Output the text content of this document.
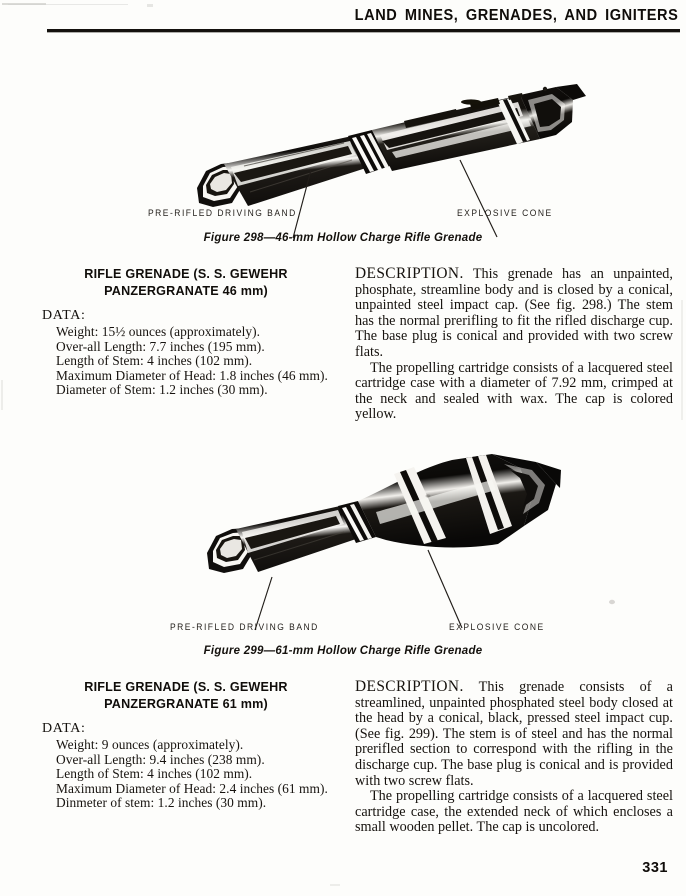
LAND MINES, GRENADES, AND IGNITERS
PRE-RIFLED DRIVING BAND	EXPLOSIVE CONE
Figure 298—46-mm Hollow Charge Rifle Grenade
RIFLE GRENADE (S. S. GEWEHR
PANZERGRANATE 46 mm)
DATA:
Weight: 15½ ounces (approximately).
Over-all Length: 7.7 inches (195 mm).
Length of Stem: 4 inches (102 mm).
Maximum Diameter of Head: 1.8 inches (46 mm).
Diameter of Stem: 1.2 inches (30 mm).

DESCRIPTION. This grenade has an unpainted, phosphate, streamline body and is closed by a conical, unpainted steel impact cap. (See fig. 298.) The stem has the normal prerifling to fit the rifled discharge cup. The base plug is conical and provided with two screw flats.

The propelling cartridge consists of a lacquered steel cartridge case with a diameter of 7.92 mm, crimped at the neck and sealed with wax. The cap is colored yellow.

PRE-RIFLED DRIVING BAND	EXPLOSIVE CONE
Figure 299—61-mm Hollow Charge Rifle Grenade
RIFLE GRENADE (S. S. GEWEHR
PANZERGRANATE 61 mm)
DATA:
Weight: 9 ounces (approximately).
Over-all Length: 9.4 inches (238 mm).
Length of Stem: 4 inches (102 mm).
Maximum Diameter of Head: 2.4 inches (61 mm).
Dinmeter of stem: 1.2 inches (30 mm).

DESCRIPTION. This grenade consists of a streamlined, unpainted phosphated steel body closed at the head by a conical, black, pressed steel impact cup. (See fig. 299). The stem is of steel and has the normal prerifled section to correspond with the rifling in the discharge cup. The base plug is conical and is provided with two screw flats.

The propelling cartridge consists of a lacquered steel cartridge case, the extended neck of which encloses a small wooden pellet. The cap is uncolored.

331
